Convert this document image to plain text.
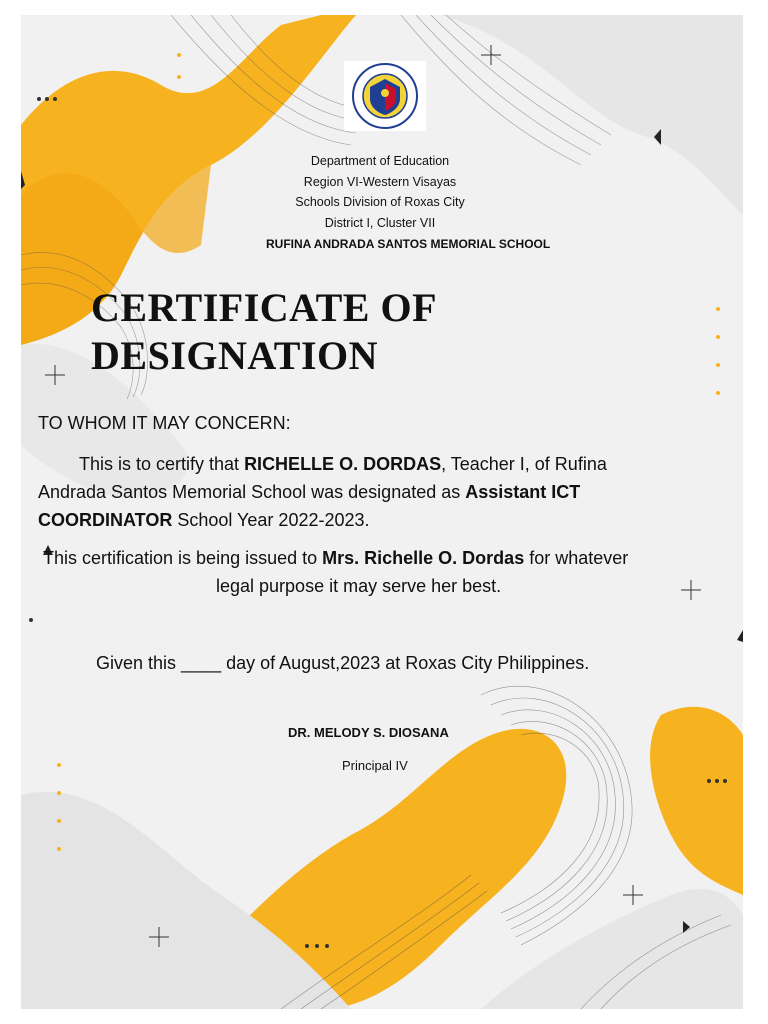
Department of Education
Region VI-Western Visayas
Schools Division of Roxas City
District I, Cluster VII
RUFINA ANDRADA SANTOS MEMORIAL SCHOOL
CERTIFICATE OF
DESIGNATION
TO WHOM IT MAY CONCERN:
This is to certify that RICHELLE O. DORDAS, Teacher I, of Rufina
Andrada Santos Memorial School was designated as Assistant ICT
COORDINATOR School Year 2022-2023.
This certification is being issued to Mrs. Richelle O. Dordas for whatever
legal purpose it may serve her best.
Given this ____ day of August,2023 at Roxas City Philippines.
DR. MELODY S. DIOSANA
Principal IV
